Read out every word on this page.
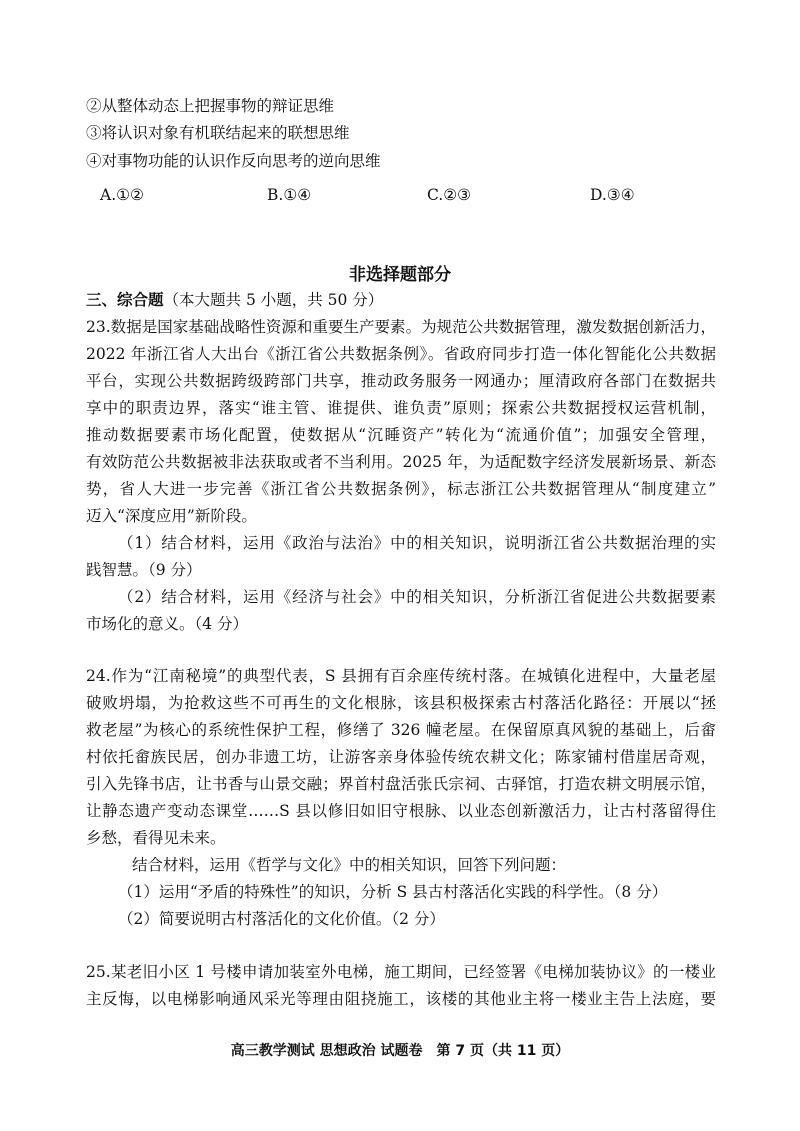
②从整体动态上把握事物的辩证思维
③将认识对象有机联结起来的联想思维
④对事物功能的认识作反向思考的逆向思维
A.①②	B.①④	C.②③	D.③④
非选择题部分
三、综合题（本大题共 5 小题，共 50 分）
23.数据是国家基础战略性资源和重要生产要素。为规范公共数据管理，激发数据创新活力，
2022 年浙江省人大出台《浙江省公共数据条例》。省政府同步打造一体化智能化公共数据
平台，实现公共数据跨级跨部门共享，推动政务服务一网通办；厘清政府各部门在数据共
享中的职责边界，落实“谁主管、谁提供、谁负责”原则；探索公共数据授权运营机制，
推动数据要素市场化配置，使数据从“沉睡资产”转化为“流通价值”；加强安全管理，
有效防范公共数据被非法获取或者不当利用。2025 年，为适配数字经济发展新场景、新态
势，省人大进一步完善《浙江省公共数据条例》，标志浙江公共数据管理从“制度建立”
迈入“深度应用”新阶段。
（1）结合材料，运用《政治与法治》中的相关知识，说明浙江省公共数据治理的实
践智慧。（9 分）
（2）结合材料，运用《经济与社会》中的相关知识，分析浙江省促进公共数据要素
市场化的意义。（4 分）
24.作为“江南秘境”的典型代表，S 县拥有百余座传统村落。在城镇化进程中，大量老屋
破败坍塌，为抢救这些不可再生的文化根脉，该县积极探索古村落活化路径：开展以“拯
救老屋”为核心的系统性保护工程，修缮了 326 幢老屋。在保留原真风貌的基础上，后畲
村依托畲族民居，创办非遗工坊，让游客亲身体验传统农耕文化；陈家铺村借崖居奇观，
引入先锋书店，让书香与山景交融；界首村盘活张氏宗祠、古驿馆，打造农耕文明展示馆，
让静态遗产变动态课堂……S 县以修旧如旧守根脉、以业态创新激活力，让古村落留得住
乡愁，看得见未来。
结合材料，运用《哲学与文化》中的相关知识，回答下列问题：
（1）运用“矛盾的特殊性”的知识，分析 S 县古村落活化实践的科学性。（8 分）
（2）简要说明古村落活化的文化价值。（2 分）
25.某老旧小区 1 号楼申请加装室外电梯，施工期间，已经签署《电梯加装协议》的一楼业
主反悔，以电梯影响通风采光等理由阻挠施工，该楼的其他业主将一楼业主告上法庭，要
高三教学测试 思想政治 试题卷　第 7 页（共 11 页）
